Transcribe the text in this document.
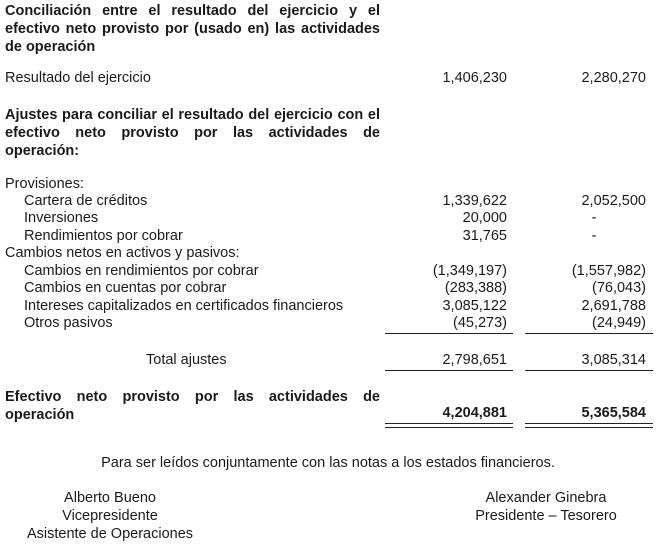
Conciliación entre el resultado del ejercicio y el efectivo neto provisto por (usado en) las actividades de operación
Resultado del ejercicio	1,406,230	2,280,270
Ajustes para conciliar el resultado del ejercicio con el efectivo neto provisto por las actividades de operación:
Provisiones:
Cartera de créditos	1,339,622	2,052,500
Inversiones	20,000	-
Rendimientos por cobrar	31,765	-
Cambios netos en activos y pasivos:
Cambios en rendimientos por cobrar	(1,349,197)	(1,557,982)
Cambios en cuentas por cobrar	(283,388)	(76,043)
Intereses capitalizados en certificados financieros	3,085,122	2,691,788
Otros pasivos	(45,273)	(24,949)
Total ajustes	2,798,651	3,085,314
Efectivo neto provisto por las actividades de operación	4,204,881	5,365,584
Para ser leídos conjuntamente con las notas a los estados financieros.
Alberto Bueno
Vicepresidente
Asistente de Operaciones
Alexander Ginebra
Presidente – Tesorero
